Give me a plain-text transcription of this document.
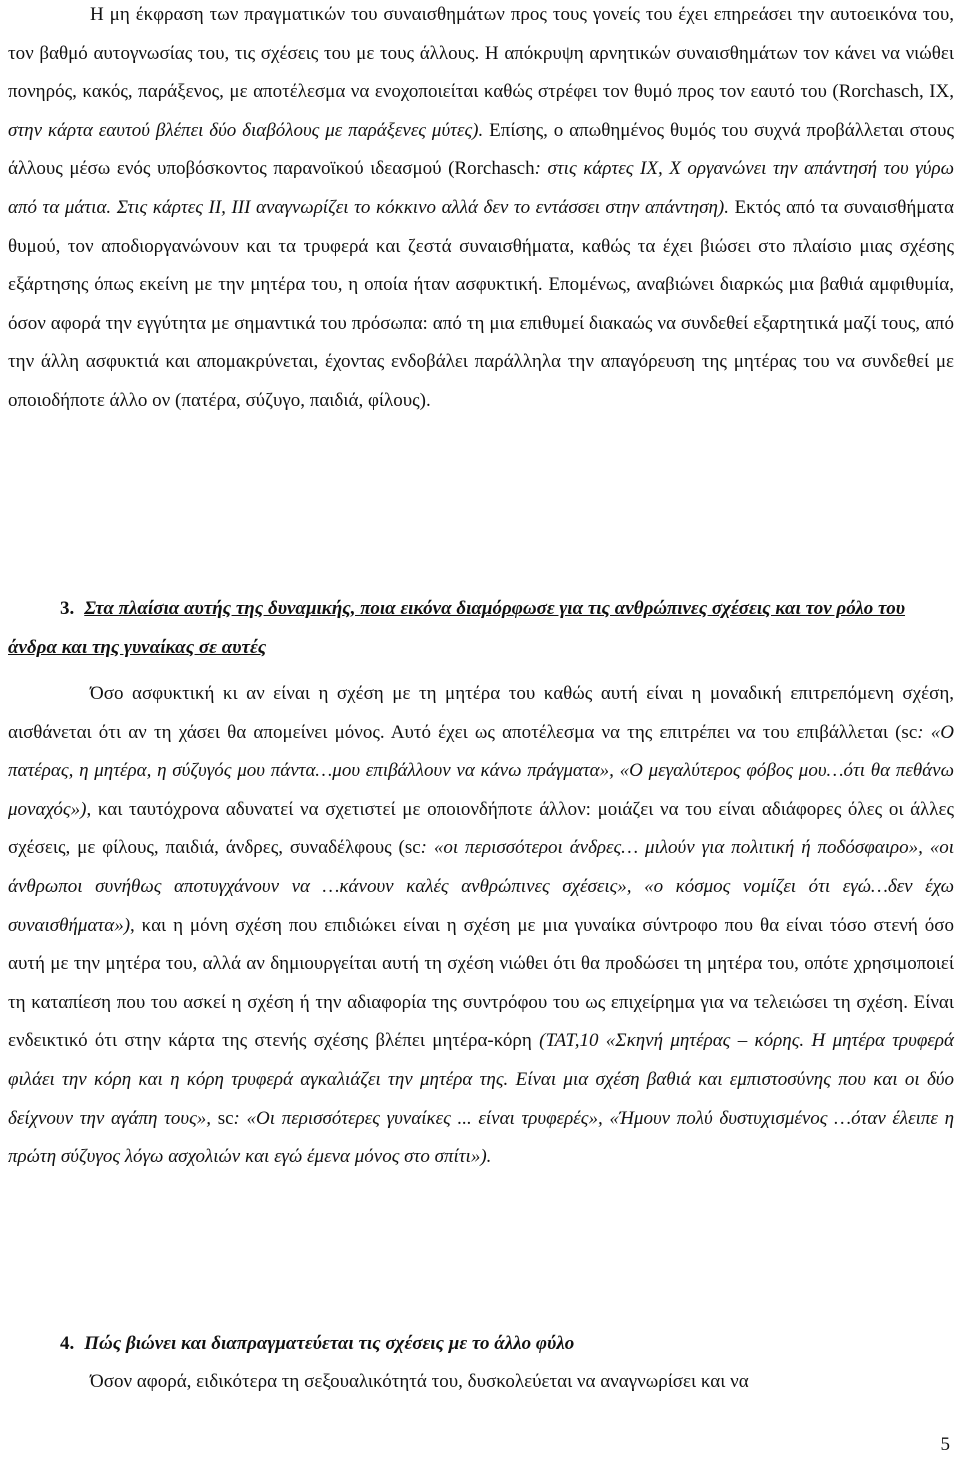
Η μη έκφραση των πραγματικών του συναισθημάτων προς τους γονείς του έχει επηρεάσει την αυτοεικόνα του, τον βαθμό αυτογνωσίας του, τις σχέσεις του με τους άλλους. Η απόκρυψη αρνητικών συναισθημάτων τον κάνει να νιώθει πονηρός, κακός, παράξενος, με αποτέλεσμα να ενοχοποιείται καθώς στρέφει τον θυμό προς τον εαυτό του (Rorchasch, IX, στην κάρτα εαυτού βλέπει δύο διαβόλους με παράξενες μύτες). Επίσης, ο απωθημένος θυμός του συχνά προβάλλεται στους άλλους μέσω ενός υποβόσκοντος παρανοϊκού ιδεασμού (Rorchasch: στις κάρτες IX, X οργανώνει την απάντησή του γύρω από τα μάτια. Στις κάρτες II, III αναγνωρίζει το κόκκινο αλλά δεν το εντάσσει στην απάντηση). Εκτός από τα συναισθήματα θυμού, τον αποδιοργανώνουν και τα τρυφερά και ζεστά συναισθήματα, καθώς τα έχει βιώσει στο πλαίσιο μιας σχέσης εξάρτησης όπως εκείνη με την μητέρα του, η οποία ήταν ασφυκτική. Επομένως, αναβιώνει διαρκώς μια βαθιά αμφιθυμία, όσον αφορά την εγγύτητα με σημαντικά του πρόσωπα: από τη μια επιθυμεί διακαώς να συνδεθεί εξαρτητικά μαζί τους, από την άλλη ασφυκτιά και απομακρύνεται, έχοντας ενδοβάλει παράλληλα την απαγόρευση της μητέρας του να συνδεθεί με οποιοδήποτε άλλο ον (πατέρα, σύζυγο, παιδιά, φίλους).

3. Στα πλαίσια αυτής της δυναμικής, ποια εικόνα διαμόρφωσε για τις ανθρώπινες σχέσεις και τον ρόλο του άνδρα και της γυναίκας σε αυτές

Όσο ασφυκτική κι αν είναι η σχέση με τη μητέρα του καθώς αυτή είναι η μοναδική επιτρεπόμενη σχέση, αισθάνεται ότι αν τη χάσει θα απομείνει μόνος. Αυτό έχει ως αποτέλεσμα να της επιτρέπει να του επιβάλλεται (sc: «Ο πατέρας, η μητέρα, η σύζυγός μου πάντα…μου επιβάλλουν να κάνω πράγματα», «Ο μεγαλύτερος φόβος μου…ότι θα πεθάνω μοναχός»), και ταυτόχρονα αδυνατεί να σχετιστεί με οποιονδήποτε άλλον: μοιάζει να του είναι αδιάφορες όλες οι άλλες σχέσεις, με φίλους, παιδιά, άνδρες, συναδέλφους (sc: «οι περισσότεροι άνδρες… μιλούν για πολιτική ή ποδόσφαιρο», «οι άνθρωποι συνήθως αποτυγχάνουν να …κάνουν καλές ανθρώπινες σχέσεις», «ο κόσμος νομίζει ότι εγώ…δεν έχω συναισθήματα»), και η μόνη σχέση που επιδιώκει είναι η σχέση με μια γυναίκα σύντροφο που θα είναι τόσο στενή όσο αυτή με την μητέρα του, αλλά αν δημιουργείται αυτή τη σχέση νιώθει ότι θα προδώσει τη μητέρα του, οπότε χρησιμοποιεί τη καταπίεση που του ασκεί η σχέση ή την αδιαφορία της συντρόφου του ως επιχείρημα για να τελειώσει τη σχέση. Είναι ενδεικτικό ότι στην κάρτα της στενής σχέσης βλέπει μητέρα-κόρη (TAT,10 «Σκηνή μητέρας – κόρης. Η μητέρα τρυφερά φιλάει την κόρη και η κόρη τρυφερά αγκαλιάζει την μητέρα της. Είναι μια σχέση βαθιά και εμπιστοσύνης που και οι δύο δείχνουν την αγάπη τους», sc: «Οι περισσότερες γυναίκες ... είναι τρυφερές», «Ήμουν πολύ δυστυχισμένος …όταν έλειπε η πρώτη σύζυγος λόγω ασχολιών και εγώ έμενα μόνος στο σπίτι»).

4. Πώς βιώνει και διαπραγματεύεται τις σχέσεις με το άλλο φύλο

Όσον αφορά, ειδικότερα τη σεξουαλικότητά του, δυσκολεύεται να αναγνωρίσει και να

5
